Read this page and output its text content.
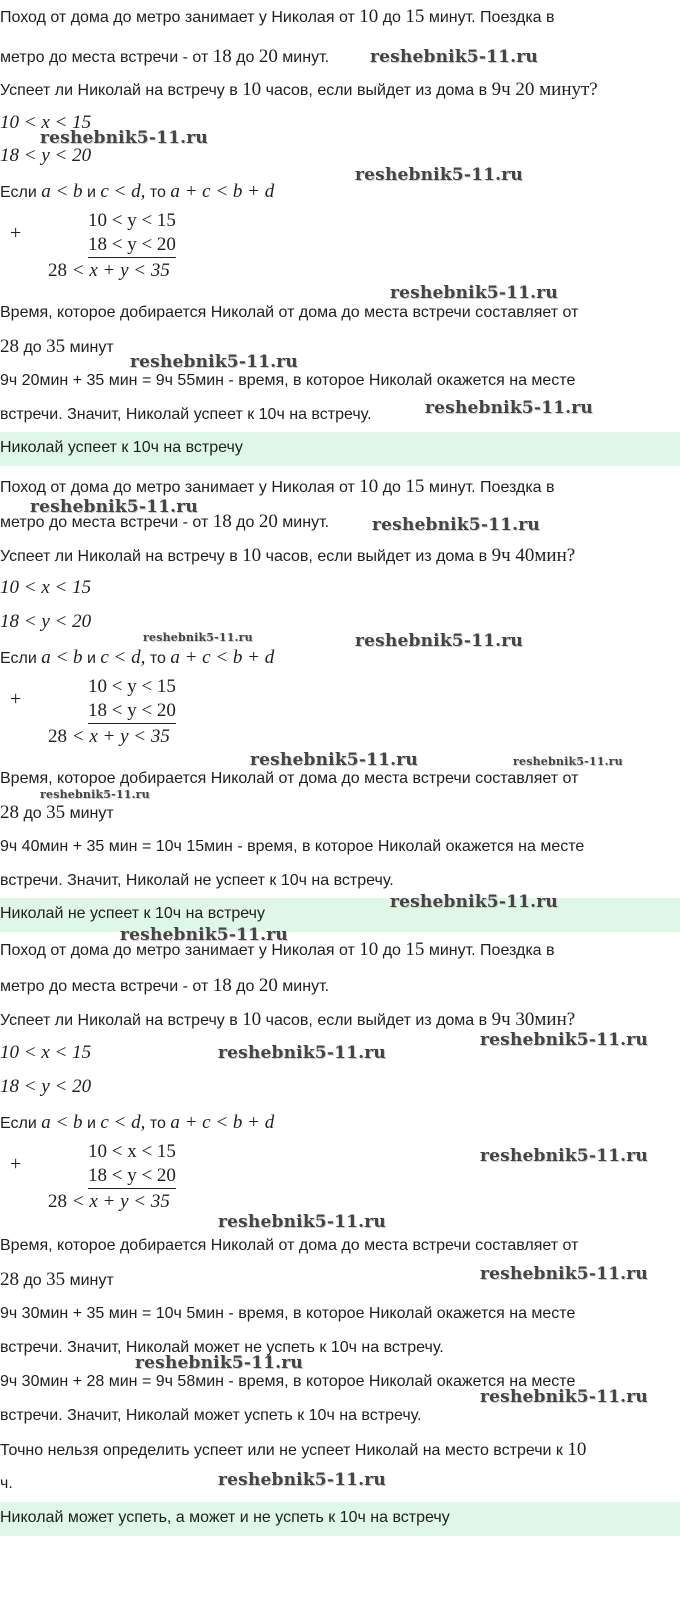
Поход от дома до метро занимает у Николая от 10 до 15 минут. Поездка в
метро до места встречи - от 18 до 20 минут.
Успеет ли Николай на встречу в 10 часов, если выйдет из дома в 9ч 20 минут?
10 < x < 15
18 < y < 20
Если a < b и c < d, то a + c < b + d
+
10 < y < 15
18 < y < 20
28 < x + y < 35
Время, которое добирается Николай от дома до места встречи составляет от
28 до 35 минут
9ч 20мин + 35 мин = 9ч 55мин - время, в которое Николай окажется на месте
встречи. Значит, Николай успеет к 10ч на встречу.
Николай успеет к 10ч на встречу
Поход от дома до метро занимает у Николая от 10 до 15 минут. Поездка в
метро до места встречи - от 18 до 20 минут.
Успеет ли Николай на встречу в 10 часов, если выйдет из дома в 9ч 40мин?
10 < x < 15
18 < y < 20
Если a < b и c < d, то a + c < b + d
+
10 < y < 15
18 < y < 20
28 < x + y < 35
Время, которое добирается Николай от дома до места встречи составляет от
28 до 35 минут
9ч 40мин + 35 мин = 10ч 15мин - время, в которое Николай окажется на месте
встречи. Значит, Николай не успеет к 10ч на встречу.
Николай не успеет к 10ч на встречу
Поход от дома до метро занимает у Николая от 10 до 15 минут. Поездка в
метро до места встречи - от 18 до 20 минут.
Успеет ли Николай на встречу в 10 часов, если выйдет из дома в 9ч 30мин?
10 < x < 15
18 < y < 20
Если a < b и c < d, то a + c < b + d
+
10 < x < 15
18 < y < 20
28 < x + y < 35
Время, которое добирается Николай от дома до места встречи составляет от
28 до 35 минут
9ч 30мин + 35 мин = 10ч 5мин - время, в которое Николай окажется на месте
встречи. Значит, Николай может не успеть к 10ч на встречу.
9ч 30мин + 28 мин = 9ч 58мин - время, в которое Николай окажется на месте
встречи. Значит, Николай может успеть к 10ч на встречу.
Точно нельзя определить успеет или не успеет Николай на место встречи к 10
ч.
Николай может успеть, а может и не успеть к 10ч на встречу
reshebnik5-11.ru
reshebnik5-11.ru
reshebnik5-11.ru
reshebnik5-11.ru
reshebnik5-11.ru
reshebnik5-11.ru
reshebnik5-11.ru
reshebnik5-11.ru
reshebnik5-11.ru	reshebnik5-11.ru
reshebnik5-11.ru	reshebnik5-11.ru
reshebnik5-11.ru
reshebnik5-11.ru
reshebnik5-11.ru
reshebnik5-11.ru
reshebnik5-11.ru
reshebnik5-11.ru
reshebnik5-11.ru
reshebnik5-11.ru
reshebnik5-11.ru
reshebnik5-11.ru
reshebnik5-11.ru
